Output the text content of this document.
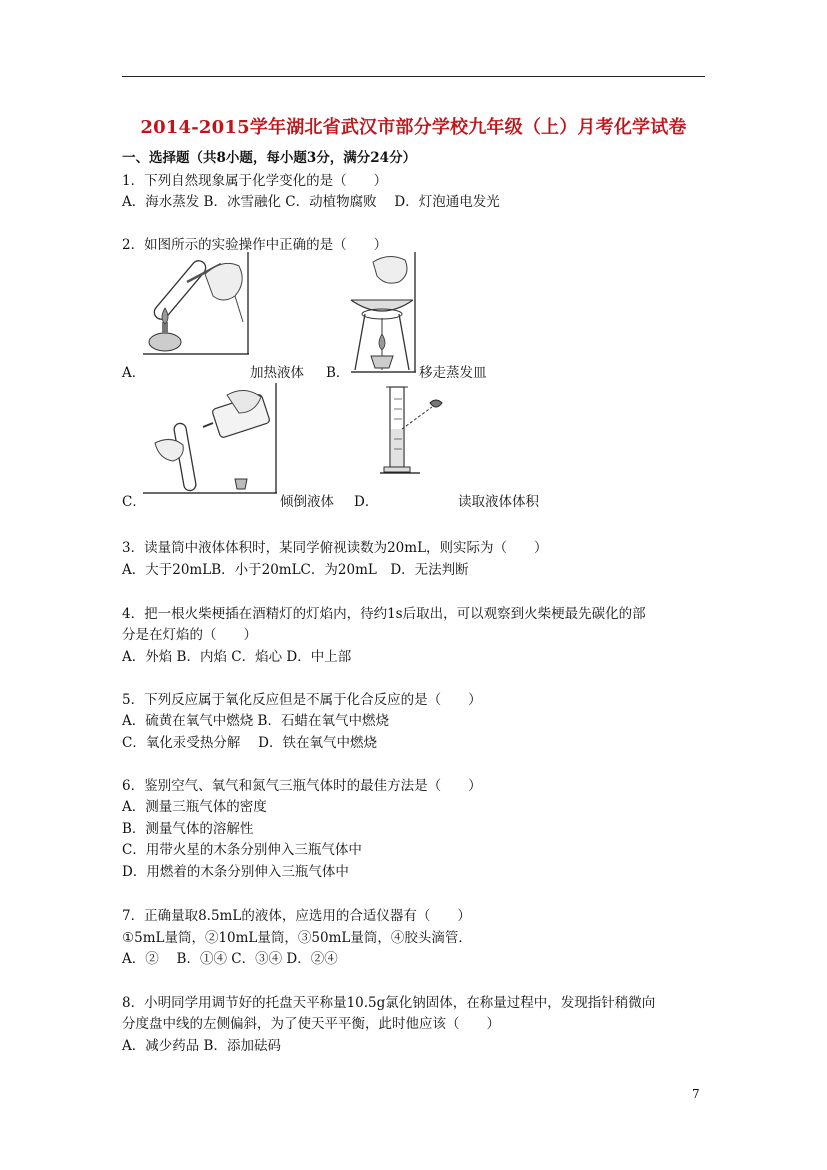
2014-2015学年湖北省武汉市部分学校九年级（上）月考化学试卷
一、选择题（共8小题，每小题3分，满分24分）
1．下列自然现象属于化学变化的是（　　）
A．海水蒸发 B．冰雪融化 C．动植物腐败　 D．灯泡通电发光
2．如图所示的实验操作中正确的是（　　）
A．	加热液体 B．	移走蒸发皿
C．	倾倒液体 D．	读取液体体积
3．读量筒中液体体积时，某同学俯视读数为20mL，则实际为（　　）
A．大于20mLB．小于20mLC．为20mL　D．无法判断
4．把一根火柴梗插在酒精灯的灯焰内，待约1s后取出，可以观察到火柴梗最先碳化的部
分是在灯焰的（　　）
A．外焰 B．内焰 C．焰心 D．中上部
5．下列反应属于氧化反应但是不属于化合反应的是（　　）
A．硫黄在氧气中燃烧 B．石蜡在氧气中燃烧
C．氧化汞受热分解　 D．铁在氧气中燃烧
6．鉴别空气、氧气和氮气三瓶气体时的最佳方法是（　　）
A．测量三瓶气体的密度
B．测量气体的溶解性
C．用带火星的木条分别伸入三瓶气体中
D．用燃着的木条分别伸入三瓶气体中
7．正确量取8.5mL的液体，应选用的合适仪器有（　　）
①5mL量筒，②10mL量筒，③50mL量筒，④胶头滴管．
A．②　 B．①④ C．③④ D．②④
8．小明同学用调节好的托盘天平称量10.5g氯化钠固体，在称量过程中，发现指针稍微向
分度盘中线的左侧偏斜，为了使天平平衡，此时他应该（　　）
A．减少药品 B．添加砝码
7
